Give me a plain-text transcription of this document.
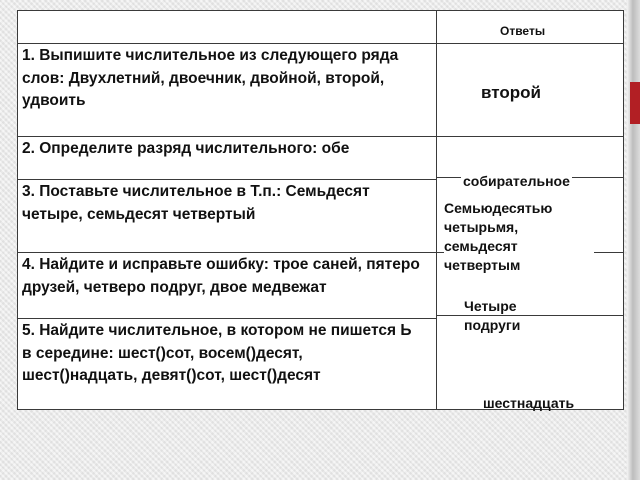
Ответы
1. Выпишите числительное из следующего ряда слов: Двухлетний, двоечник, двойной, второй, удвоить
2. Определите разряд числительного: обе
3. Поставьте числительное в Т.п.: Семьдесят четыре, семьдесят четвертый
4. Найдите и исправьте ошибку: трое саней, пятеро друзей, четверо подруг, двое медвежат
5. Найдите числительное, в котором не пишется Ь в середине: шест()сот, восем()десят, шест()надцать, девят()сот, шест()десят
второй
собирательное
Семьюдесятью четырьмя, семьдесят четвертым
Четыре подруги
шестнадцать
